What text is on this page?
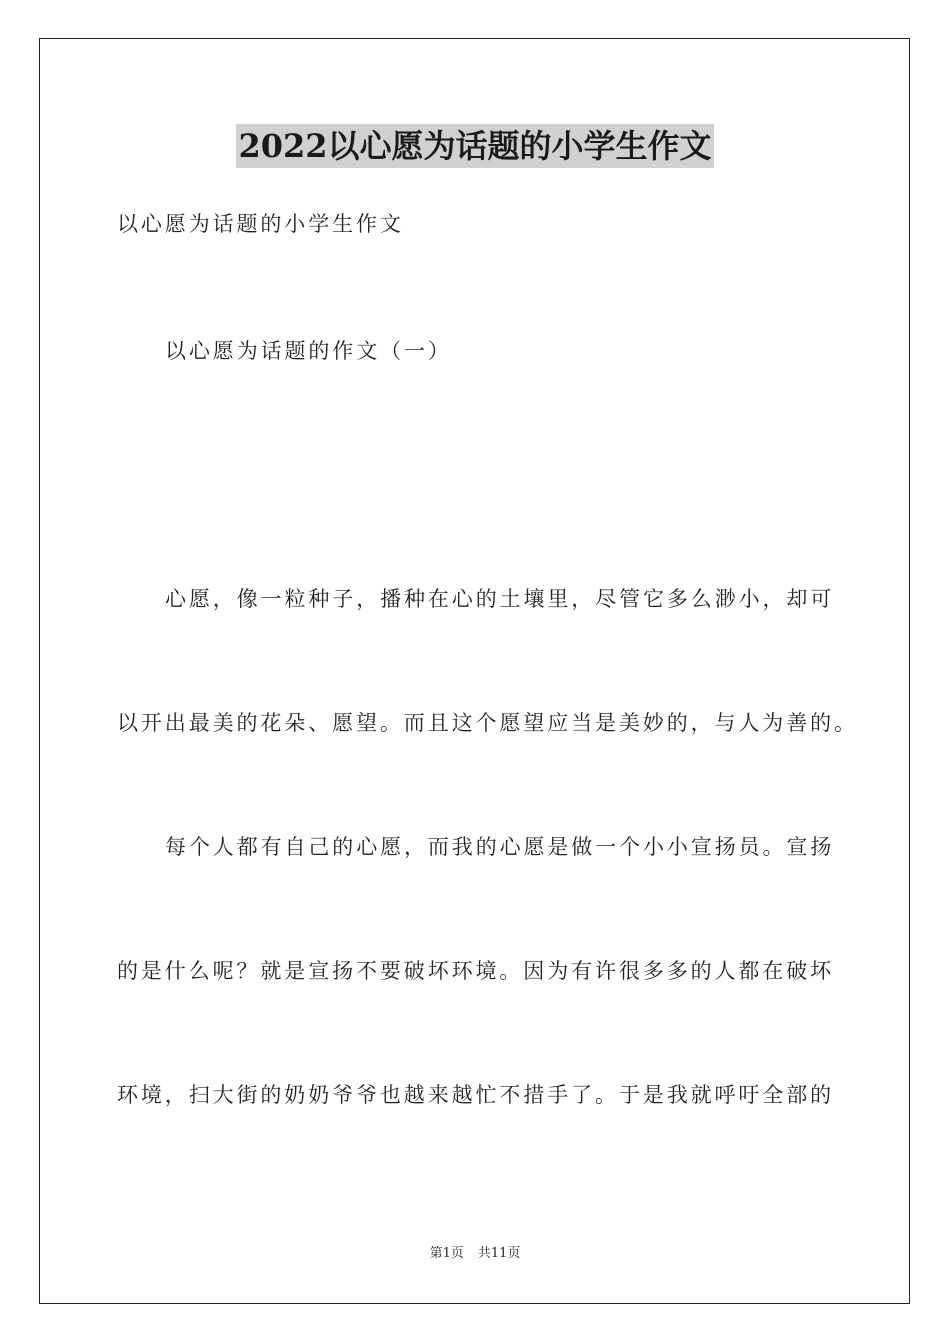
2022以心愿为话题的小学生作文
以心愿为话题的小学生作文
以心愿为话题的作文（一）
心愿，像一粒种子，播种在心的土壤里，尽管它多么渺小，却可
以开出最美的花朵、愿望。而且这个愿望应当是美妙的，与人为善的。
每个人都有自己的心愿，而我的心愿是做一个小小宣扬员。宣扬
的是什么呢？就是宣扬不要破坏环境。因为有许很多多的人都在破坏
环境，扫大街的奶奶爷爷也越来越忙不措手了。于是我就呼吁全部的
第1页 共11页
